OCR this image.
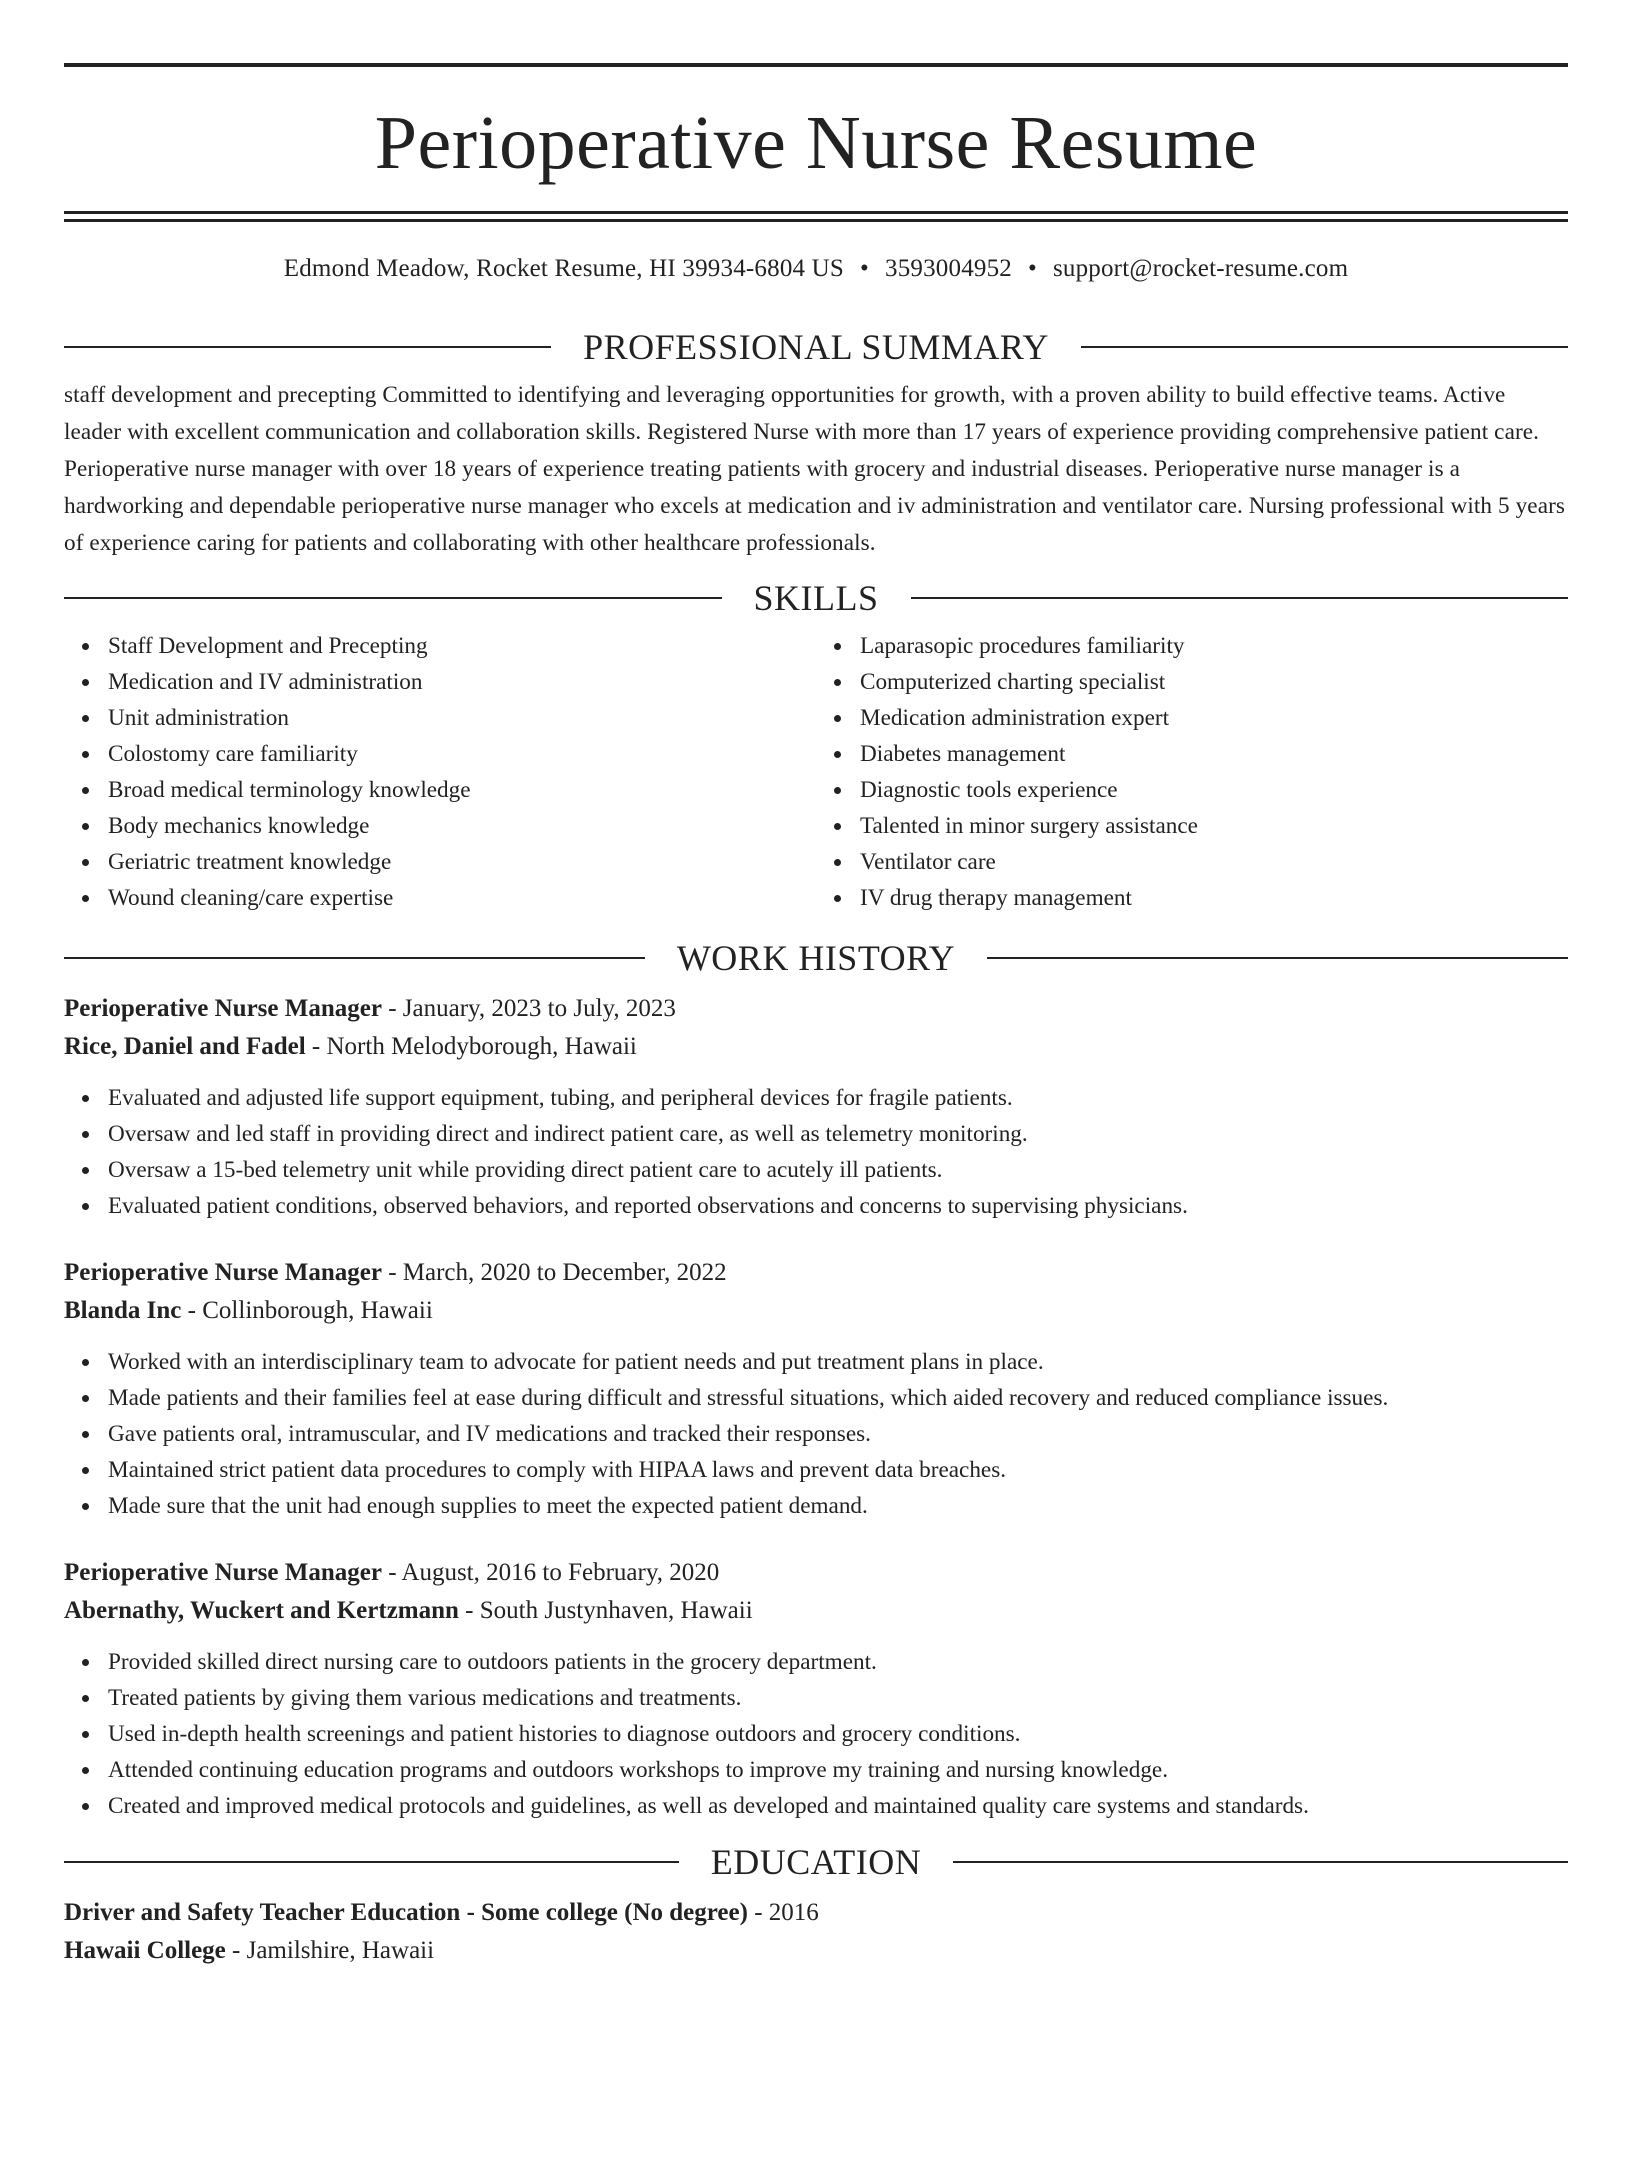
Perioperative Nurse Resume
Edmond Meadow, Rocket Resume, HI 39934-6804 US • 3593004952 • support@rocket-resume.com
PROFESSIONAL SUMMARY

staff development and precepting Committed to identifying and leveraging opportunities for growth, with a proven ability to build effective teams. Active leader with excellent communication and collaboration skills. Registered Nurse with more than 17 years of experience providing comprehensive patient care. Perioperative nurse manager with over 18 years of experience treating patients with grocery and industrial diseases. Perioperative nurse manager is a hardworking and dependable perioperative nurse manager who excels at medication and iv administration and ventilator care. Nursing professional with 5 years of experience caring for patients and collaborating with other healthcare professionals.

SKILLS
Staff Development and Precepting
Medication and IV administration
Unit administration
Colostomy care familiarity
Broad medical terminology knowledge
Body mechanics knowledge
Geriatric treatment knowledge
Wound cleaning/care expertise
Laparasopic procedures familiarity
Computerized charting specialist
Medication administration expert
Diabetes management
Diagnostic tools experience
Talented in minor surgery assistance
Ventilator care
IV drug therapy management
WORK HISTORY
Perioperative Nurse Manager - January, 2023 to July, 2023
Rice, Daniel and Fadel - North Melodyborough, Hawaii
Evaluated and adjusted life support equipment, tubing, and peripheral devices for fragile patients.
Oversaw and led staff in providing direct and indirect patient care, as well as telemetry monitoring.
Oversaw a 15-bed telemetry unit while providing direct patient care to acutely ill patients.
Evaluated patient conditions, observed behaviors, and reported observations and concerns to supervising physicians.
Perioperative Nurse Manager - March, 2020 to December, 2022
Blanda Inc - Collinborough, Hawaii
Worked with an interdisciplinary team to advocate for patient needs and put treatment plans in place.
Made patients and their families feel at ease during difficult and stressful situations, which aided recovery and reduced compliance issues.
Gave patients oral, intramuscular, and IV medications and tracked their responses.
Maintained strict patient data procedures to comply with HIPAA laws and prevent data breaches.
Made sure that the unit had enough supplies to meet the expected patient demand.
Perioperative Nurse Manager - August, 2016 to February, 2020
Abernathy, Wuckert and Kertzmann - South Justynhaven, Hawaii
Provided skilled direct nursing care to outdoors patients in the grocery department.
Treated patients by giving them various medications and treatments.
Used in-depth health screenings and patient histories to diagnose outdoors and grocery conditions.
Attended continuing education programs and outdoors workshops to improve my training and nursing knowledge.
Created and improved medical protocols and guidelines, as well as developed and maintained quality care systems and standards.
EDUCATION
Driver and Safety Teacher Education - Some college (No degree) - 2016
Hawaii College - Jamilshire, Hawaii
